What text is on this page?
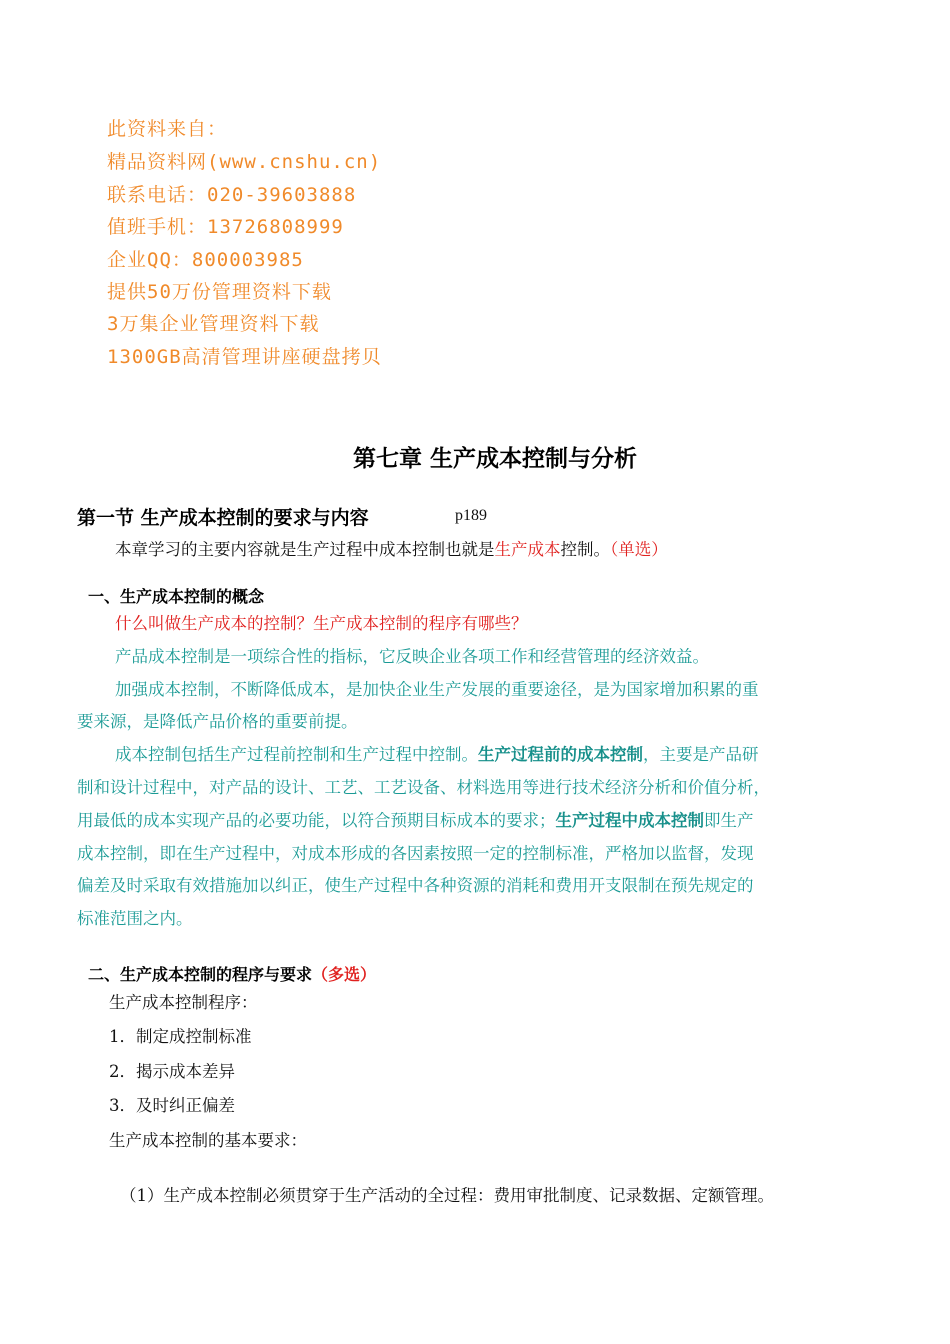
此资料来自：
精品资料网(www.cnshu.cn)
联系电话：020-39603888
值班手机：13726808999
企业QQ：800003985
提供50万份管理资料下载
3万集企业管理资料下载
1300GB高清管理讲座硬盘拷贝
第七章 生产成本控制与分析
第一节 生产成本控制的要求与内容	p189
本章学习的主要内容就是生产过程中成本控制也就是生产成本控制。（单选）
一、生产成本控制的概念
什么叫做生产成本的控制？生产成本控制的程序有哪些？
产品成本控制是一项综合性的指标，它反映企业各项工作和经营管理的经济效益。
加强成本控制，不断降低成本，是加快企业生产发展的重要途径，是为国家增加积累的重
要来源，是降低产品价格的重要前提。
成本控制包括生产过程前控制和生产过程中控制。生产过程前的成本控制，主要是产品研
制和设计过程中，对产品的设计、工艺、工艺设备、材料选用等进行技术经济分析和价值分析，
用最低的成本实现产品的必要功能，以符合预期目标成本的要求；生产过程中成本控制即生产
成本控制，即在生产过程中，对成本形成的各因素按照一定的控制标准，严格加以监督，发现
偏差及时采取有效措施加以纠正，使生产过程中各种资源的消耗和费用开支限制在预先规定的
标准范围之内。
二、生产成本控制的程序与要求（多选）
生产成本控制程序：
1．制定成控制标准
2．揭示成本差异
3．及时纠正偏差
生产成本控制的基本要求：
（1）生产成本控制必须贯穿于生产活动的全过程：费用审批制度、记录数据、定额管理。
